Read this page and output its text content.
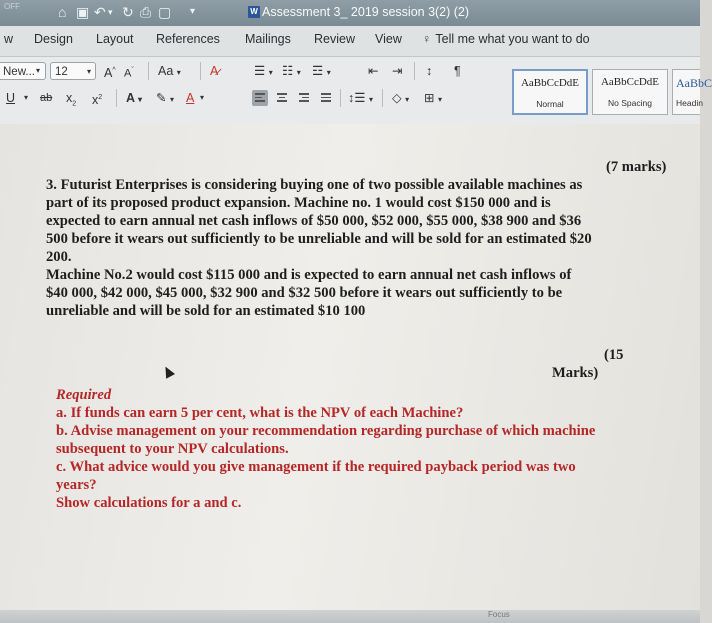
OFF	⌂ ▣ ↶ ▾ ↻ ⎙ ▢ ▾	W Assessment 3_ 2019 session 3(2) (2)
w Design Layout References Mailings Review View ♀ Tell me what you want to do
New... ▾	12 ▾ A^ $A^ˇ$ Aa ▾ A̷	☰ ▾ ☷ ▾ ☲ ▾	⇤ ⇥ ↕ ¶
U ▾ ab $x_2$ $x^2$ A ▾ ✎ ▾ A ▾	↕☰ ▾ ◇ ▾ ⊞ ▾
AaBbCcDdE
Normal
AaBbCcDdE
No Spacing
AaBbC
Headin
(7 marks)
3. Futurist Enterprises is considering buying one of two possible available machines as
part of its proposed product expansion. Machine no. 1 would cost $150 000 and is
expected to earn annual net cash inflows of $50 000, $52 000, $55 000, $38 900 and $36
500 before it wears out sufficiently to be unreliable and will be sold for an estimated $20
200.
Machine No.2 would cost $115 000 and is expected to earn annual net cash inflows of
$40 000, $42 000, $45 000, $32 900 and $32 500 before it wears out sufficiently to be
unreliable and will be sold for an estimated $10 100
(15
Marks)
Required
a. If funds can earn 5 per cent, what is the NPV of each Machine?
b. Advise management on your recommendation regarding purchase of which machine
subsequent to your NPV calculations.
c. What advice would you give management if the required payback period was two
years?
Show calculations for a and c.
Focus
